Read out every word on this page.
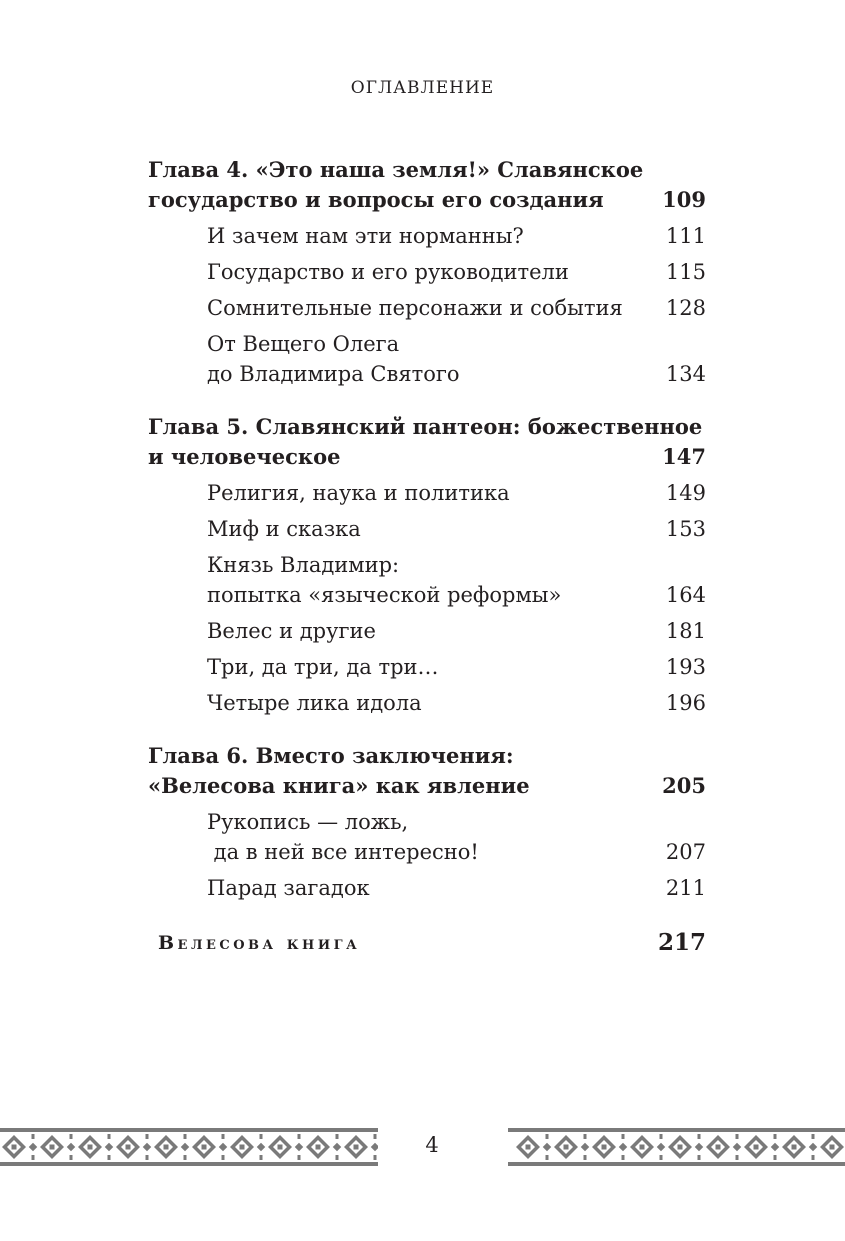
ОГЛАВЛЕНИЕ
Глава 4. «Это наша земля!» Славянское
государство и вопросы его создания	109
И зачем нам эти норманны?	111
Государство и его руководители	115
Сомнительные персонажи и события 128
От Вещего Олега
до Владимира Святого	134
Глава 5. Славянский пантеон: божественное
и человеческое	147
Религия, наука и политика	149
Миф и сказка	153
Князь Владимир:
попытка «языческой реформы»	164
Велес и другие	181
Три, да три, да три…	193
Четыре лика идола	196
Глава 6. Вместо заключения:
«Велесова книга» как явление	205
Рукопись — ложь,
да в ней все интересно!	207
Парад загадок	211
Велесова книга	217
4
